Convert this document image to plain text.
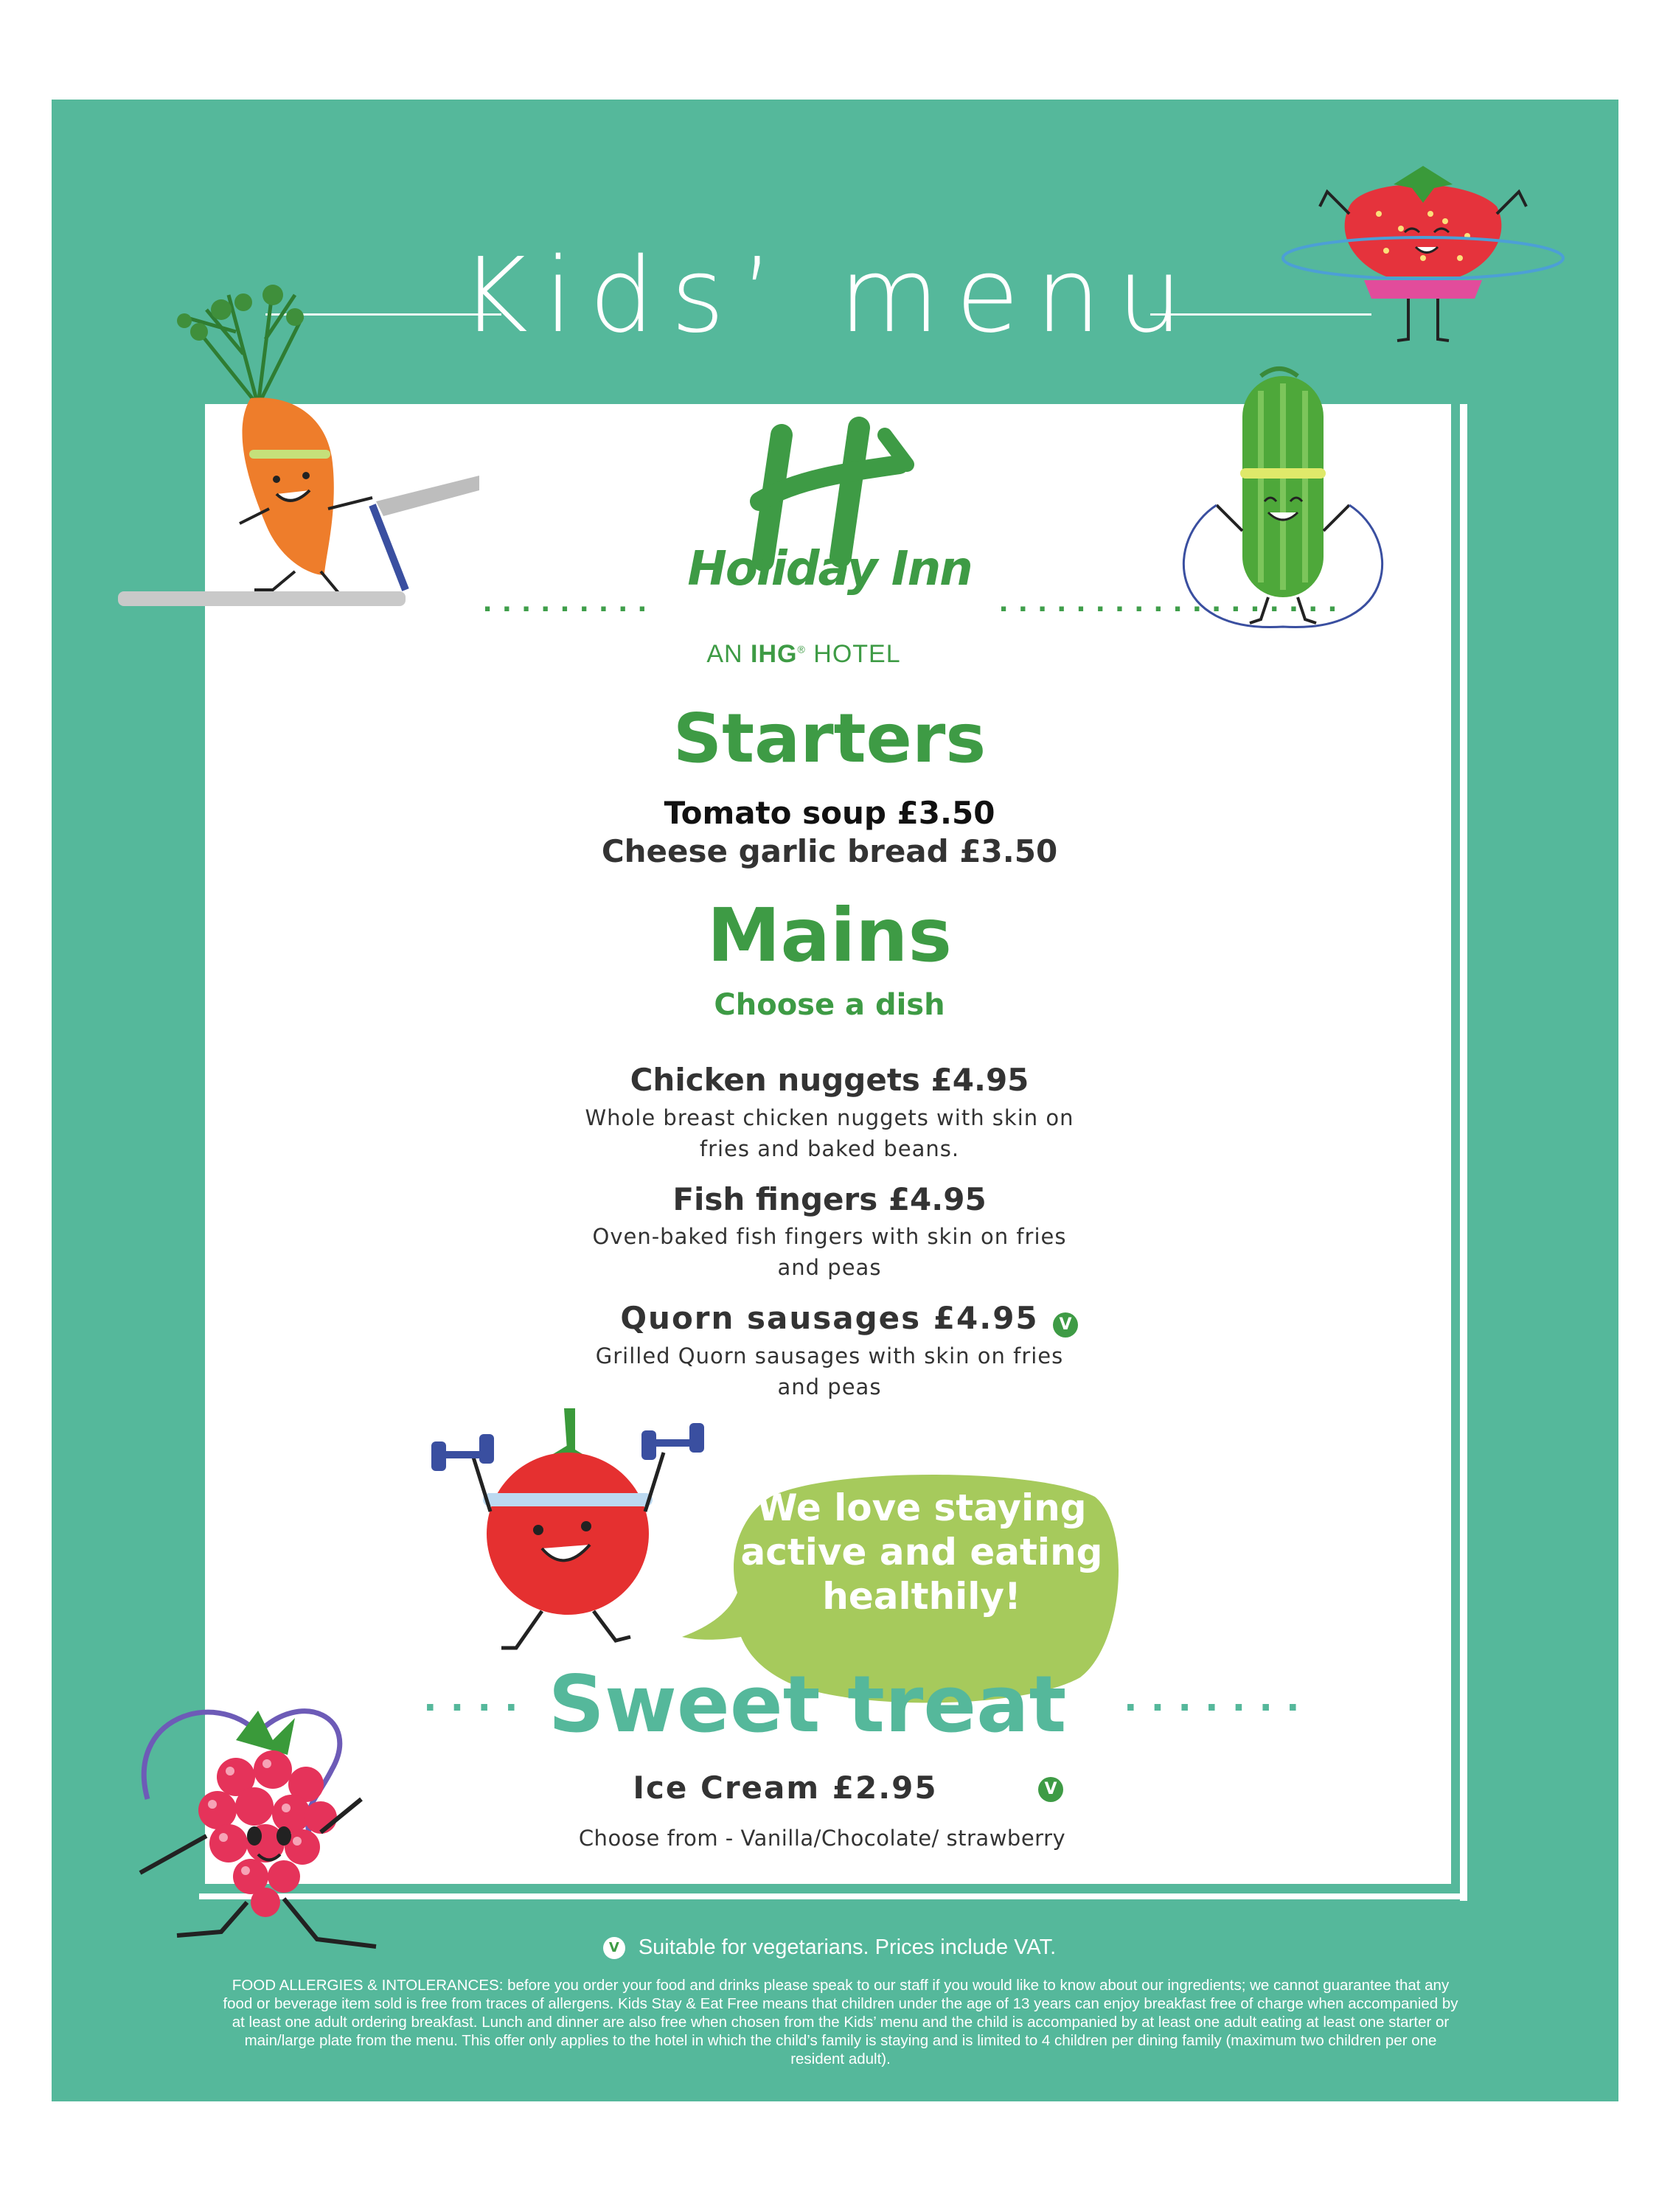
Kids’ menu
.........	..................
Holiday Inn
AN IHG® HOTEL
Starters
Tomato soup £3.50
Cheese garlic bread £3.50
Mains
Choose a dish
Chicken nuggets £4.95
Whole breast chicken nuggets with skin on
fries and baked beans.
Fish fingers £4.95
Oven-baked fish fingers with skin on fries
and peas
Quorn sausages £4.95	V
Grilled Quorn sausages with skin on fries
and peas
We love staying
active and eating
healthily!
....	.......
Sweet treat
Ice Cream £2.95	V
Choose from - Vanilla/Chocolate/ strawberry
V Suitable for vegetarians. Prices include VAT.
FOOD ALLERGIES & INTOLERANCES: before you order your food and drinks please speak to our staff if you would like to know about our ingredients; we cannot guarantee that any food or beverage item sold is free from traces of allergens. Kids Stay & Eat Free means that children under the age of 13 years can enjoy breakfast free of charge when accompanied by at least one adult ordering breakfast. Lunch and dinner are also free when chosen from the Kids’ menu and the child is accompanied by at least one adult eating at least one starter or main/large plate from the menu. This offer only applies to the hotel in which the child’s family is staying and is limited to 4 children per dining family (maximum two children per one resident adult).
